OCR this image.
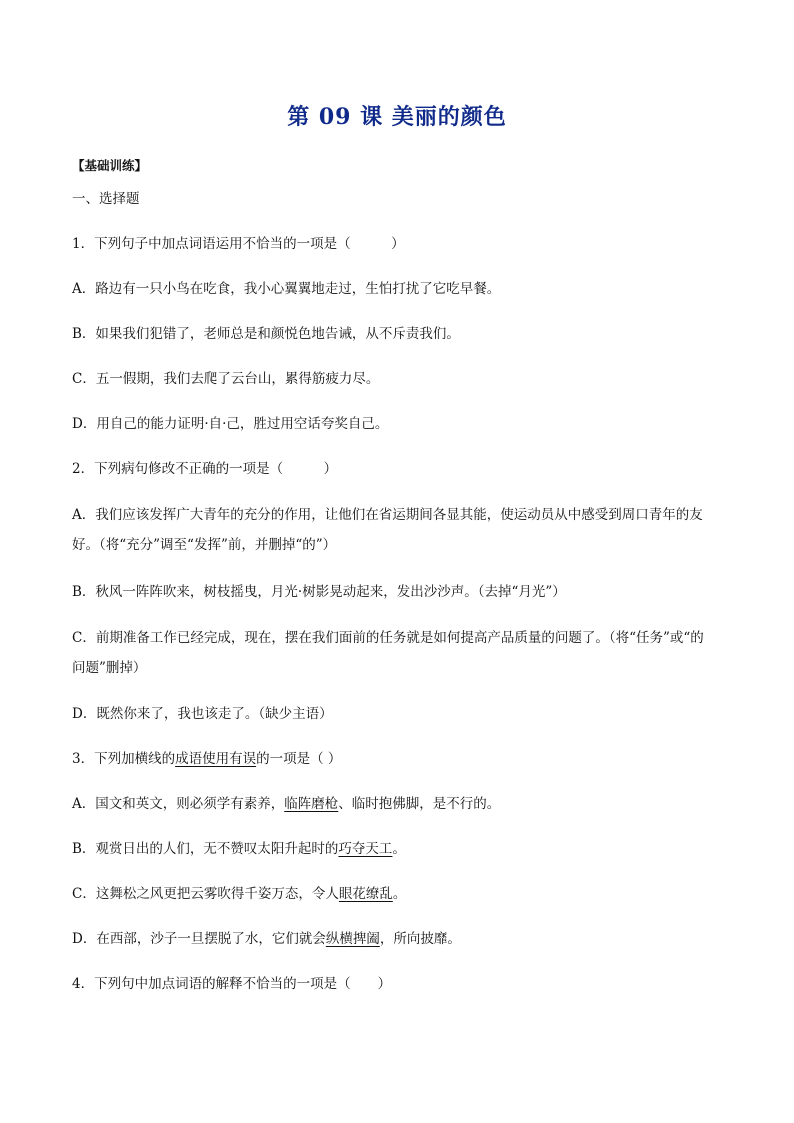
第 09 课 美丽的颜色
【基础训练】
一、选择题
1．下列句子中加点词语运用不恰当的一项是（　　　）
A．路边有一只小鸟在吃食，我小心翼翼地走过，生怕打扰了它吃早餐。
B．如果我们犯错了，老师总是和颜悦色地告诫，从不斥责我们。
C．五一假期，我们去爬了云台山，累得筋疲力尽。
D．用自己的能力证明·自·己，胜过用空话夸奖自己。
2．下列病句修改不正确的一项是（　　　）
A．我们应该发挥广大青年的充分的作用，让他们在省运期间各显其能，使运动员从中感受到周口青年的友
好。（将“充分”调至“发挥”前，并删掉“的”）
B．秋风一阵阵吹来，树枝摇曳，月光·树影晃动起来，发出沙沙声。（去掉“月光”）
C．前期准备工作已经完成，现在，摆在我们面前的任务就是如何提高产品质量的问题了。（将“任务”或“的
问题”删掉）
D．既然你来了，我也该走了。（缺少主语）
3．下列加横线的成语使用有误的一项是（ ）
A．国文和英文，则必须学有素养，临阵磨枪、临时抱佛脚，是不行的。
B．观赏日出的人们，无不赞叹太阳升起时的巧夺天工。
C．这舞松之风更把云雾吹得千姿万态，令人眼花缭乱。
D．在西部，沙子一旦摆脱了水，它们就会纵横捭阖，所向披靡。
4．下列句中加点词语的解释不恰当的一项是（　　）
